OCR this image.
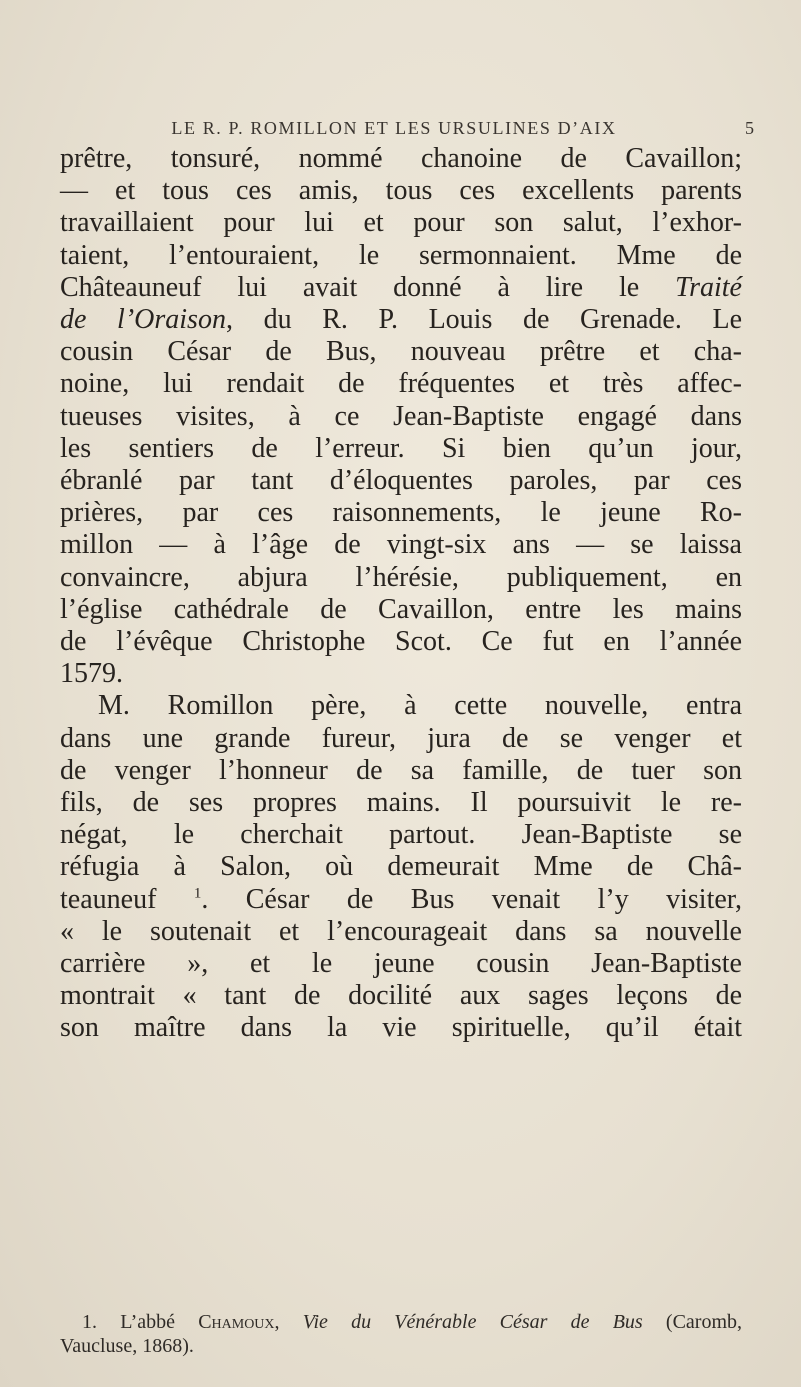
LE R. P. ROMILLON ET LES URSULINES D’AIX	5
prêtre, tonsuré, nommé chanoine de Cavaillon;
— et tous ces amis, tous ces excellents parents
travaillaient pour lui et pour son salut, l’exhor-
taient, l’entouraient, le sermonnaient. Mme de
Châteauneuf lui avait donné à lire le Traité
de l’Oraison, du R. P. Louis de Grenade. Le
cousin César de Bus, nouveau prêtre et cha-
noine, lui rendait de fréquentes et très affec-
tueuses visites, à ce Jean-Baptiste engagé dans
les sentiers de l’erreur. Si bien qu’un jour,
ébranlé par tant d’éloquentes paroles, par ces
prières, par ces raisonnements, le jeune Ro-
millon — à l’âge de vingt-six ans — se laissa
convaincre, abjura l’hérésie, publiquement, en
l’église cathédrale de Cavaillon, entre les mains
de l’évêque Christophe Scot. Ce fut en l’année
1579.
M. Romillon père, à cette nouvelle, entra
dans une grande fureur, jura de se venger et
de venger l’honneur de sa famille, de tuer son
fils, de ses propres mains. Il poursuivit le re-
négat, le cherchait partout. Jean-Baptiste se
réfugia à Salon, où demeurait Mme de Châ-
teauneuf $^1$. César de Bus venait l’y visiter,
« le soutenait et l’encourageait dans sa nouvelle
carrière », et le jeune cousin Jean-Baptiste
montrait « tant de docilité aux sages leçons de
son maître dans la vie spirituelle, qu’il était
1. L’abbé Chamoux, Vie du Vénérable César de Bus (Caromb,
Vaucluse, 1868).
